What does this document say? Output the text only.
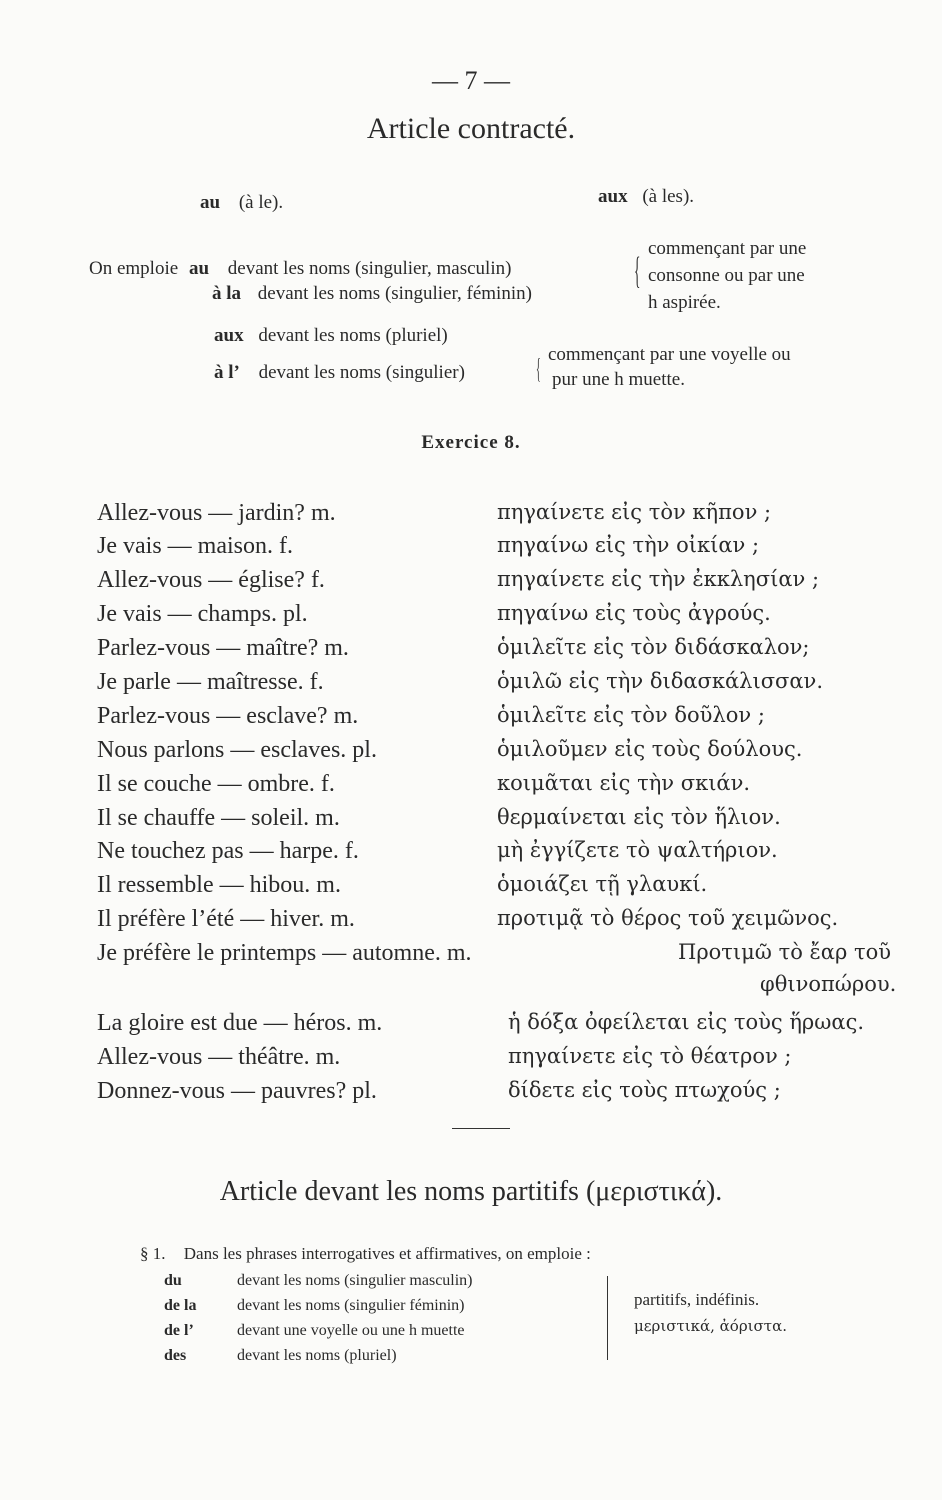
— 7 —
Article contracté.
au (à le).	aux (à les).
On emploie au devant les noms (singulier, masculin)
à la devant les noms (singulier, féminin)
{
commençant par une
consonne ou par une
h aspirée.
aux devant les noms (pluriel)
à l’ devant les noms (singulier)	{ commençant par une voyelle ou
pur une h muette.
Exercice 8.
Allez-vous — jardin? m.	πηγαίνετε εἰς τὸν κῆπον ;
Je vais — maison. f.	πηγαίνω εἰς τὴν οἰκίαν ;
Allez-vous — église? f.	πηγαίνετε εἰς τὴν ἐκκλησίαν ;
Je vais — champs. pl.	πηγαίνω εἰς τοὺς ἀγρούς.
Parlez-vous — maître? m.	ὁμιλεῖτε εἰς τὸν διδάσκαλον;
Je parle — maîtresse. f.	ὁμιλῶ εἰς τὴν διδασκάλισσαν.
Parlez-vous — esclave? m.	ὁμιλεῖτε εἰς τὸν δοῦλον ;
Nous parlons — esclaves. pl.	ὁμιλοῦμεν εἰς τοὺς δούλους.
Il se couche — ombre. f.	κοιμᾶται εἰς τὴν σκιάν.
Il se chauffe — soleil. m.	θερμαίνεται εἰς τὸν ἥλιον.
Ne touchez pas — harpe. f.	μὴ ἐγγίζετε τὸ ψαλτήριον.
Il ressemble — hibou. m.	ὁμοιάζει τῇ γλαυκί.
Il préfère l’été — hiver. m.	προτιμᾷ τὸ θέρος τοῦ χειμῶνος.
Je préfère le printemps — automne. m.	Προτιμῶ τὸ ἔαρ τοῦ
φθινοπώρου.
La gloire est due — héros. m.	ἡ δόξα ὀφείλεται εἰς τοὺς ἥρωας.
Allez-vous — théâtre. m.	πηγαίνετε εἰς τὸ θέατρον ;
Donnez-vous — pauvres? pl.	δίδετε εἰς τοὺς πτωχούς ;
Article devant les noms partitifs (μεριστικά).
§ 1. Dans les phrases interrogatives et affirmatives, on emploie :
du	devant les noms (singulier masculin)
de la	devant les noms (singulier féminin)
de l’	devant une voyelle ou une h muette
des	devant les noms (pluriel)
partitifs, indéfinis.
μεριστικά, ἀόριστα.
